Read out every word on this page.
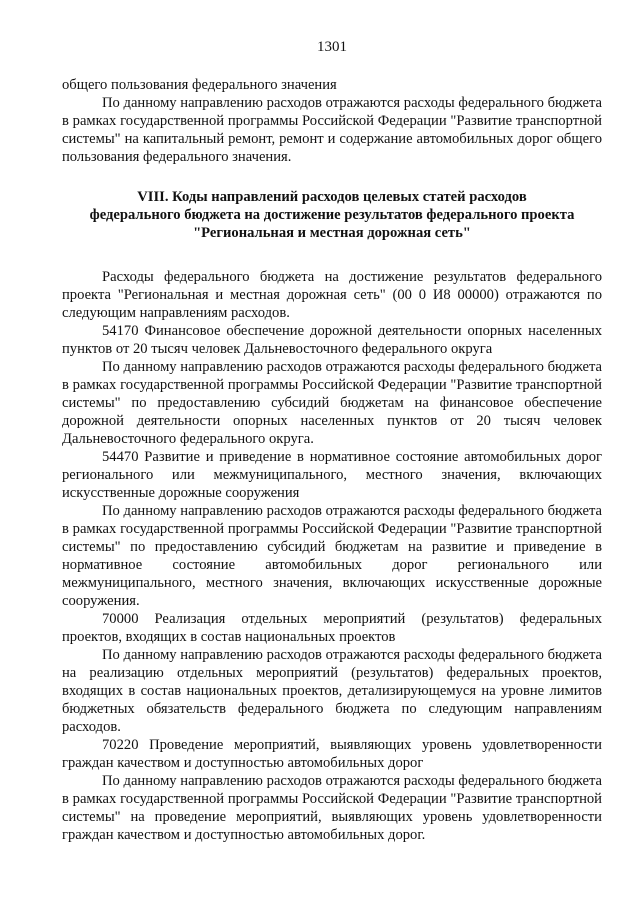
1301

общего пользования федерального значения

По данному направлению расходов отражаются расходы федерального бюджета в рамках государственной программы Российской Федерации "Развитие транспортной системы" на капитальный ремонт, ремонт и содержание автомобильных дорог общего пользования федерального значения.

VIII. Коды направлений расходов целевых статей расходов
федерального бюджета на достижение результатов федерального проекта
"Региональная и местная дорожная сеть"

Расходы федерального бюджета на достижение результатов федерального проекта "Региональная и местная дорожная сеть" (00 0 И8 00000) отражаются по следующим направлениям расходов.

54170 Финансовое обеспечение дорожной деятельности опорных населенных пунктов от 20 тысяч человек Дальневосточного федерального округа

По данному направлению расходов отражаются расходы федерального бюджета в рамках государственной программы Российской Федерации "Развитие транспортной системы" по предоставлению субсидий бюджетам на финансовое обеспечение дорожной деятельности опорных населенных пунктов от 20 тысяч человек Дальневосточного федерального округа.

54470 Развитие и приведение в нормативное состояние автомобильных дорог регионального или межмуниципального, местного значения, включающих искусственные дорожные сооружения

По данному направлению расходов отражаются расходы федерального бюджета в рамках государственной программы Российской Федерации "Развитие транспортной системы" по предоставлению субсидий бюджетам на развитие и приведение в нормативное состояние автомобильных дорог регионального или межмуниципального, местного значения, включающих искусственные дорожные сооружения.

70000 Реализация отдельных мероприятий (результатов) федеральных проектов, входящих в состав национальных проектов

По данному направлению расходов отражаются расходы федерального бюджета на реализацию отдельных мероприятий (результатов) федеральных проектов, входящих в состав национальных проектов, детализирующемуся на уровне лимитов бюджетных обязательств федерального бюджета по следующим направлениям расходов.

70220 Проведение мероприятий, выявляющих уровень удовлетворенности граждан качеством и доступностью автомобильных дорог

По данному направлению расходов отражаются расходы федерального бюджета в рамках государственной программы Российской Федерации "Развитие транспортной системы" на проведение мероприятий, выявляющих уровень удовлетворенности граждан качеством и доступностью автомобильных дорог.
